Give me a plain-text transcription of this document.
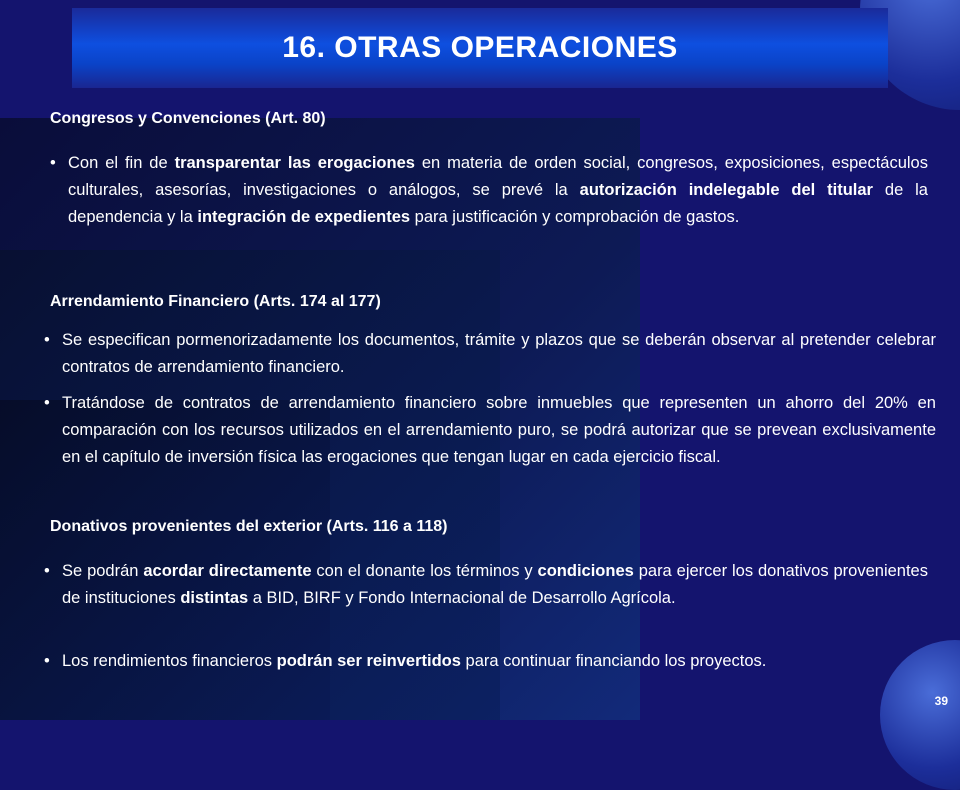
16. OTRAS OPERACIONES
Congresos y Convenciones (Art. 80)
• Con el fin de transparentar las erogaciones en materia de orden social, congresos, exposiciones, espectáculos culturales, asesorías, investigaciones o análogos, se prevé la autorización indelegable del titular de la dependencia y la integración de expedientes para justificación y comprobación de gastos.
Arrendamiento Financiero (Arts. 174 al 177)
• Se especifican pormenorizadamente los documentos, trámite y plazos que se deberán observar al pretender celebrar contratos de arrendamiento financiero.
• Tratándose de contratos de arrendamiento financiero sobre inmuebles que representen un ahorro del 20% en comparación con los recursos utilizados en el arrendamiento puro, se podrá autorizar que se prevean exclusivamente en el capítulo de inversión física las erogaciones que tengan lugar en cada ejercicio fiscal.
Donativos provenientes del exterior (Arts. 116 a 118)
• Se podrán acordar directamente con el donante los términos y condiciones para ejercer los donativos provenientes de instituciones distintas a BID, BIRF y Fondo Internacional de Desarrollo Agrícola.
• Los rendimientos financieros podrán ser reinvertidos para continuar financiando los proyectos.
39
